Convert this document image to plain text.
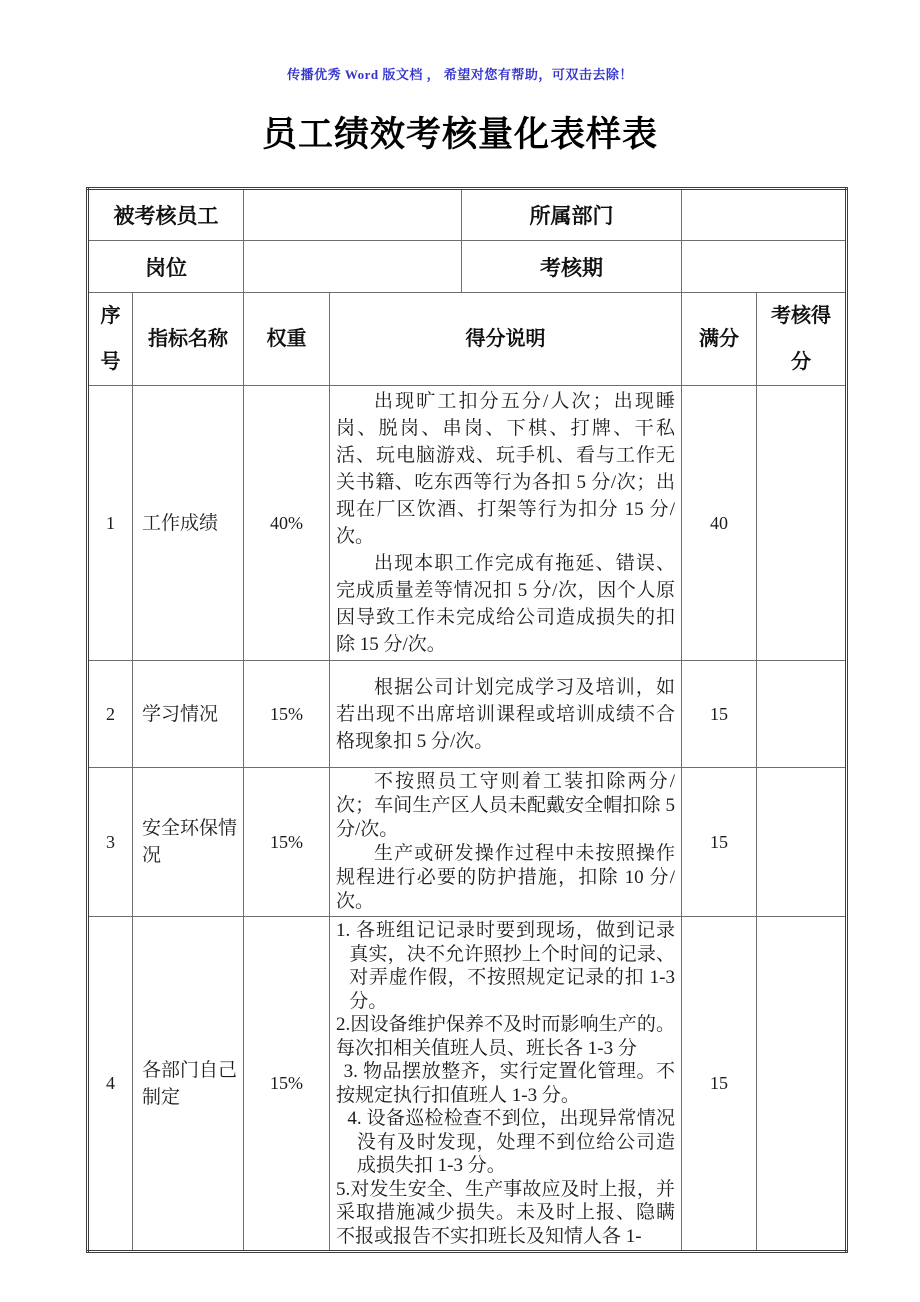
传播优秀 Word 版文档 ， 希望对您有帮助，可双击去除！
员工绩效考核量化表样表
被考核员工				所属部门		
岗位				考核期		
序号	指标名称	权重	得分说明		满分	考核得分
1	工作成绩	40%	出现旷工扣分五分/人次；出现睡岗、脱岗、串岗、下棋、打牌、干私活、玩电脑游戏、玩手机、看与工作无关书籍、吃东西等行为各扣 5 分/次；出现在厂区饮酒、打架等行为扣分 15 分/次。

出现本职工作完成有拖延、错误、完成质量差等情况扣 5 分/次，因个人原因导致工作未完成给公司造成损失的扣除 15 分/次。		40	
2	学习情况	15%	根据公司计划完成学习及培训，如若出现不出席培训课程或培训成绩不合格现象扣 5 分/次。		15	
3	安全环保情况	15%	不按照员工守则着工装扣除两分/次；车间生产区人员未配戴安全帽扣除 5 分/次。

生产或研发操作过程中未按照操作规程进行必要的防护措施，扣除 10 分/次。		15	
4	各部门自己制定	15%	1. 各班组记记录时要到现场，做到记录真实，决不允许照抄上个时间的记录、对弄虚作假，不按照规定记录的扣 1-3 分。

2.因设备维护保养不及时而影响生产的。每次扣相关值班人员、班长各 1-3 分

3. 物品摆放整齐，实行定置化管理。不按规定执行扣值班人 1-3 分。

4. 设备巡检检查不到位，出现异常情况没有及时发现，处理不到位给公司造成损失扣 1-3 分。

5.对发生安全、生产事故应及时上报，并采取措施减少损失。未及时上报、隐瞒不报或报告不实扣班长及知情人各 1-		15	
